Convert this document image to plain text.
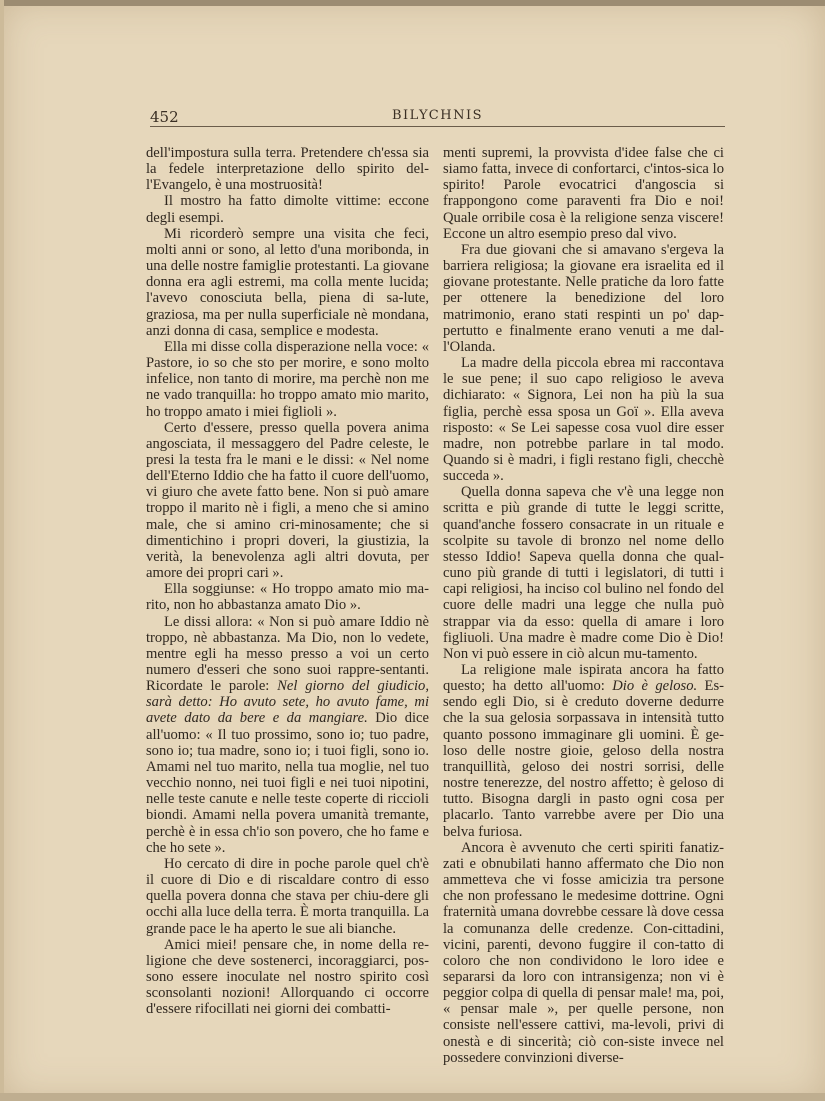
452	BILYCHNIS

dell'impostura sulla terra. Pretendere ch'essa sia la fedele interpretazione dello spirito del-l'Evangelo, è una mostruosità!

Il mostro ha fatto dimolte vittime: eccone degli esempi.

Mi ricorderò sempre una visita che feci, molti anni or sono, al letto d'una moribonda, in una delle nostre famiglie protestanti. La giovane donna era agli estremi, ma colla mente lucida; l'avevo conosciuta bella, piena di sa-lute, graziosa, ma per nulla superficiale nè mondana, anzi donna di casa, semplice e modesta.

Ella mi disse colla disperazione nella voce: « Pastore, io so che sto per morire, e sono molto infelice, non tanto di morire, ma perchè non me ne vado tranquilla: ho troppo amato mio marito, ho troppo amato i miei figlioli ».

Certo d'essere, presso quella povera anima angosciata, il messaggero del Padre celeste, le presi la testa fra le mani e le dissi: « Nel nome dell'Eterno Iddio che ha fatto il cuore dell'uomo, vi giuro che avete fatto bene. Non si può amare troppo il marito nè i figli, a meno che si amino male, che si amino cri-minosamente; che si dimentichino i propri doveri, la giustizia, la verità, la benevolenza agli altri dovuta, per amore dei propri cari ».

Ella soggiunse: « Ho troppo amato mio ma-rito, non ho abbastanza amato Dio ».

Le dissi allora: « Non si può amare Iddio nè troppo, nè abbastanza. Ma Dio, non lo vedete, mentre egli ha messo presso a voi un certo numero d'esseri che sono suoi rappre-sentanti. Ricordate le parole: Nel giorno del giudicio, sarà detto: Ho avuto sete, ho avuto fame, mi avete dato da bere e da mangiare. Dio dice all'uomo: « Il tuo prossimo, sono io; tuo padre, sono io; tua madre, sono io; i tuoi figli, sono io. Amami nel tuo marito, nella tua moglie, nel tuo vecchio nonno, nei tuoi figli e nei tuoi nipotini, nelle teste canute e nelle teste coperte di riccioli biondi. Amami nella povera umanità tremante, perchè è in essa ch'io son povero, che ho fame e che ho sete ».

Ho cercato di dire in poche parole quel ch'è il cuore di Dio e di riscaldare contro di esso quella povera donna che stava per chiu-dere gli occhi alla luce della terra. È morta tranquilla. La grande pace le ha aperto le sue ali bianche.

Amici miei! pensare che, in nome della re-ligione che deve sostenerci, incoraggiarci, pos-sono essere inoculate nel nostro spirito così sconsolanti nozioni! Allorquando ci occorre d'essere rifocillati nei giorni dei combatti-

menti supremi, la provvista d'idee false che ci siamo fatta, invece di confortarci, c'intos-sica lo spirito! Parole evocatrici d'angoscia si frappongono come paraventi fra Dio e noi! Quale orribile cosa è la religione senza viscere! Eccone un altro esempio preso dal vivo.

Fra due giovani che si amavano s'ergeva la barriera religiosa; la giovane era israelita ed il giovane protestante. Nelle pratiche da loro fatte per ottenere la benedizione del loro matrimonio, erano stati respinti un po' dap-pertutto e finalmente erano venuti a me dal-l'Olanda.

La madre della piccola ebrea mi raccontava le sue pene; il suo capo religioso le aveva dichiarato: « Signora, Lei non ha più la sua figlia, perchè essa sposa un Goï ». Ella aveva risposto: « Se Lei sapesse cosa vuol dire esser madre, non potrebbe parlare in tal modo. Quando si è madri, i figli restano figli, checchè succeda ».

Quella donna sapeva che v'è una legge non scritta e più grande di tutte le leggi scritte, quand'anche fossero consacrate in un rituale e scolpite su tavole di bronzo nel nome dello stesso Iddio! Sapeva quella donna che qual-cuno più grande di tutti i legislatori, di tutti i capi religiosi, ha inciso col bulino nel fondo del cuore delle madri una legge che nulla può strappar via da esso: quella di amare i loro figliuoli. Una madre è madre come Dio è Dio! Non vi può essere in ciò alcun mu-tamento.

La religione male ispirata ancora ha fatto questo; ha detto all'uomo: Dio è geloso. Es-sendo egli Dio, si è creduto doverne dedurre che la sua gelosia sorpassava in intensità tutto quanto possono immaginare gli uomini. È ge-loso delle nostre gioie, geloso della nostra tranquillità, geloso dei nostri sorrisi, delle nostre tenerezze, del nostro affetto; è geloso di tutto. Bisogna dargli in pasto ogni cosa per placarlo. Tanto varrebbe avere per Dio una belva furiosa.

Ancora è avvenuto che certi spiriti fanatiz-zati e obnubilati hanno affermato che Dio non ammetteva che vi fosse amicizia tra persone che non professano le medesime dottrine. Ogni fraternità umana dovrebbe cessare là dove cessa la comunanza delle credenze. Con-cittadini, vicini, parenti, devono fuggire il con-tatto di coloro che non condividono le loro idee e separarsi da loro con intransigenza; non vi è peggior colpa di quella di pensar male! ma, poi, « pensar male », per quelle persone, non consiste nell'essere cattivi, ma-levoli, privi di onestà e di sincerità; ciò con-siste invece nel possedere convinzioni diverse-
